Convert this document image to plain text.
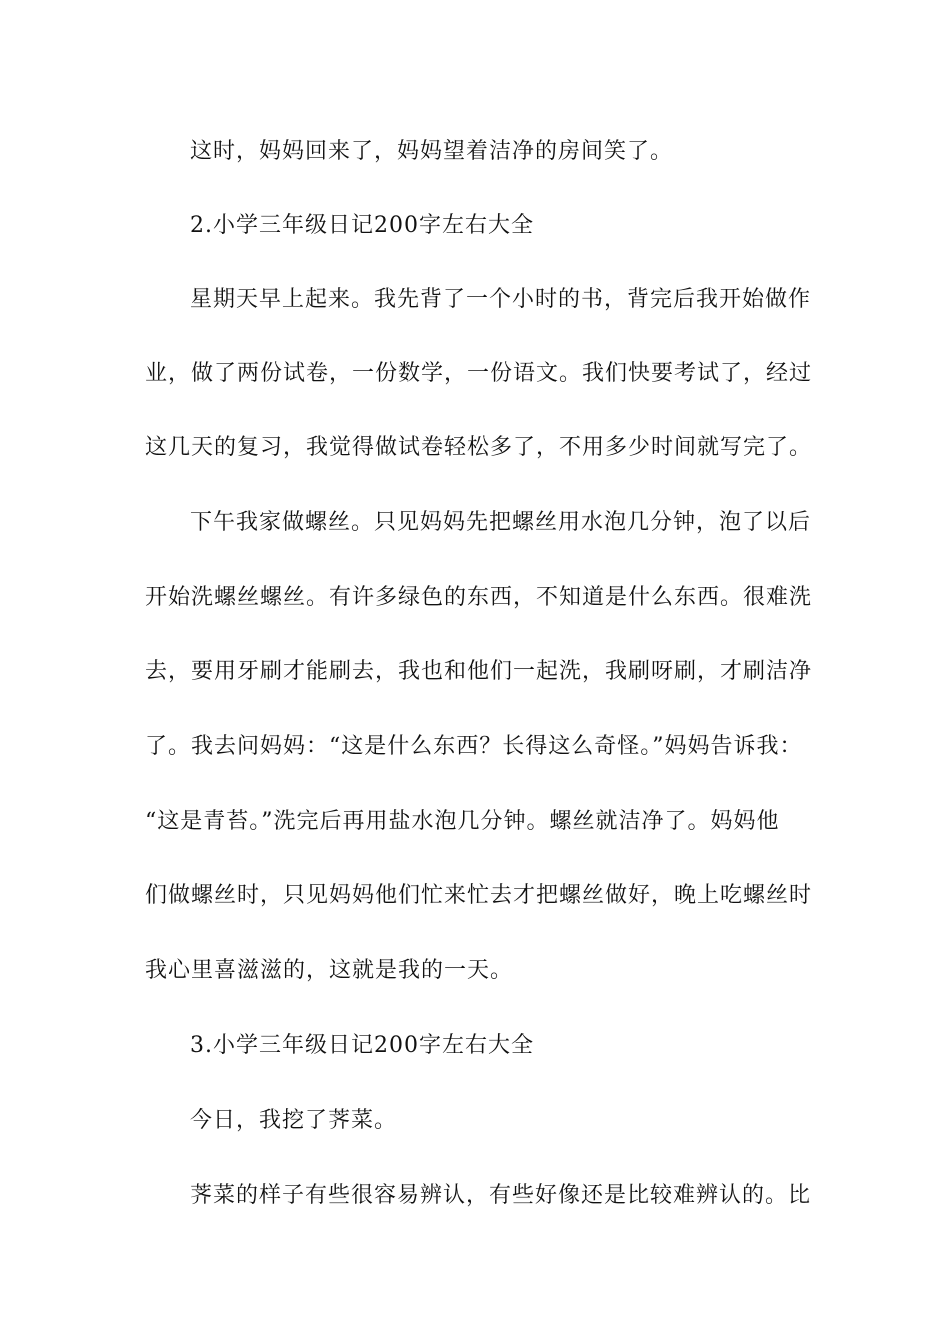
这时，妈妈回来了，妈妈望着洁净的房间笑了。
2.小学三年级日记200字左右大全
星期天早上起来。我先背了一个小时的书，背完后我开始做作
业，做了两份试卷，一份数学，一份语文。我们快要考试了，经过
这几天的复习，我觉得做试卷轻松多了，不用多少时间就写完了。
下午我家做螺丝。只见妈妈先把螺丝用水泡几分钟，泡了以后
开始洗螺丝螺丝。有许多绿色的东西，不知道是什么东西。很难洗
去，要用牙刷才能刷去，我也和他们一起洗，我刷呀刷，才刷洁净
了。我去问妈妈：“这是什么东西？长得这么奇怪。”妈妈告诉我：
“这是青苔。”洗完后再用盐水泡几分钟。螺丝就洁净了。妈妈他
们做螺丝时，只见妈妈他们忙来忙去才把螺丝做好，晚上吃螺丝时
我心里喜滋滋的，这就是我的一天。
3.小学三年级日记200字左右大全
今日，我挖了荠菜。
荠菜的样子有些很容易辨认，有些好像还是比较难辨认的。比
